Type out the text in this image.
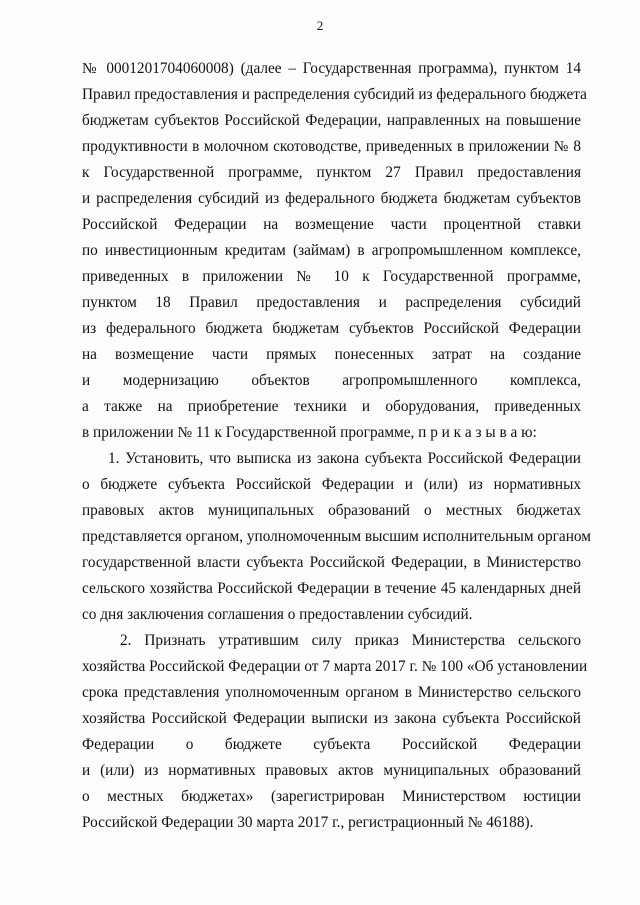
2
№ 0001201704060008) (далее – Государственная программа), пунктом 14
Правил предоставления и распределения субсидий из федерального бюджета
бюджетам субъектов Российской Федерации, направленных на повышение
продуктивности в молочном скотоводстве, приведенных в приложении № 8
к Государственной программе, пунктом 27 Правил предоставления
и распределения субсидий из федерального бюджета бюджетам субъектов
Российской Федерации на возмещение части процентной ставки
по инвестиционным кредитам (займам) в агропромышленном комплексе,
приведенных в приложении № 10 к Государственной программе,
пунктом 18 Правил предоставления и распределения субсидий
из федерального бюджета бюджетам субъектов Российской Федерации
на возмещение части прямых понесенных затрат на создание
и модернизацию объектов агропромышленного комплекса,
а также на приобретение техники и оборудования, приведенных
в приложении № 11 к Государственной программе, п р и к а з ы в а ю:
1. Установить, что выписка из закона субъекта Российской Федерации
о бюджете субъекта Российской Федерации и (или) из нормативных
правовых актов муниципальных образований о местных бюджетах
представляется органом, уполномоченным высшим исполнительным органом
государственной власти субъекта Российской Федерации, в Министерство
сельского хозяйства Российской Федерации в течение 45 календарных дней
со дня заключения соглашения о предоставлении субсидий.
2. Признать утратившим силу приказ Министерства сельского
хозяйства Российской Федерации от 7 марта 2017 г. № 100 «Об установлении
срока представления уполномоченным органом в Министерство сельского
хозяйства Российской Федерации выписки из закона субъекта Российской
Федерации о бюджете субъекта Российской Федерации
и (или) из нормативных правовых актов муниципальных образований
о местных бюджетах» (зарегистрирован Министерством юстиции
Российской Федерации 30 марта 2017 г., регистрационный № 46188).
